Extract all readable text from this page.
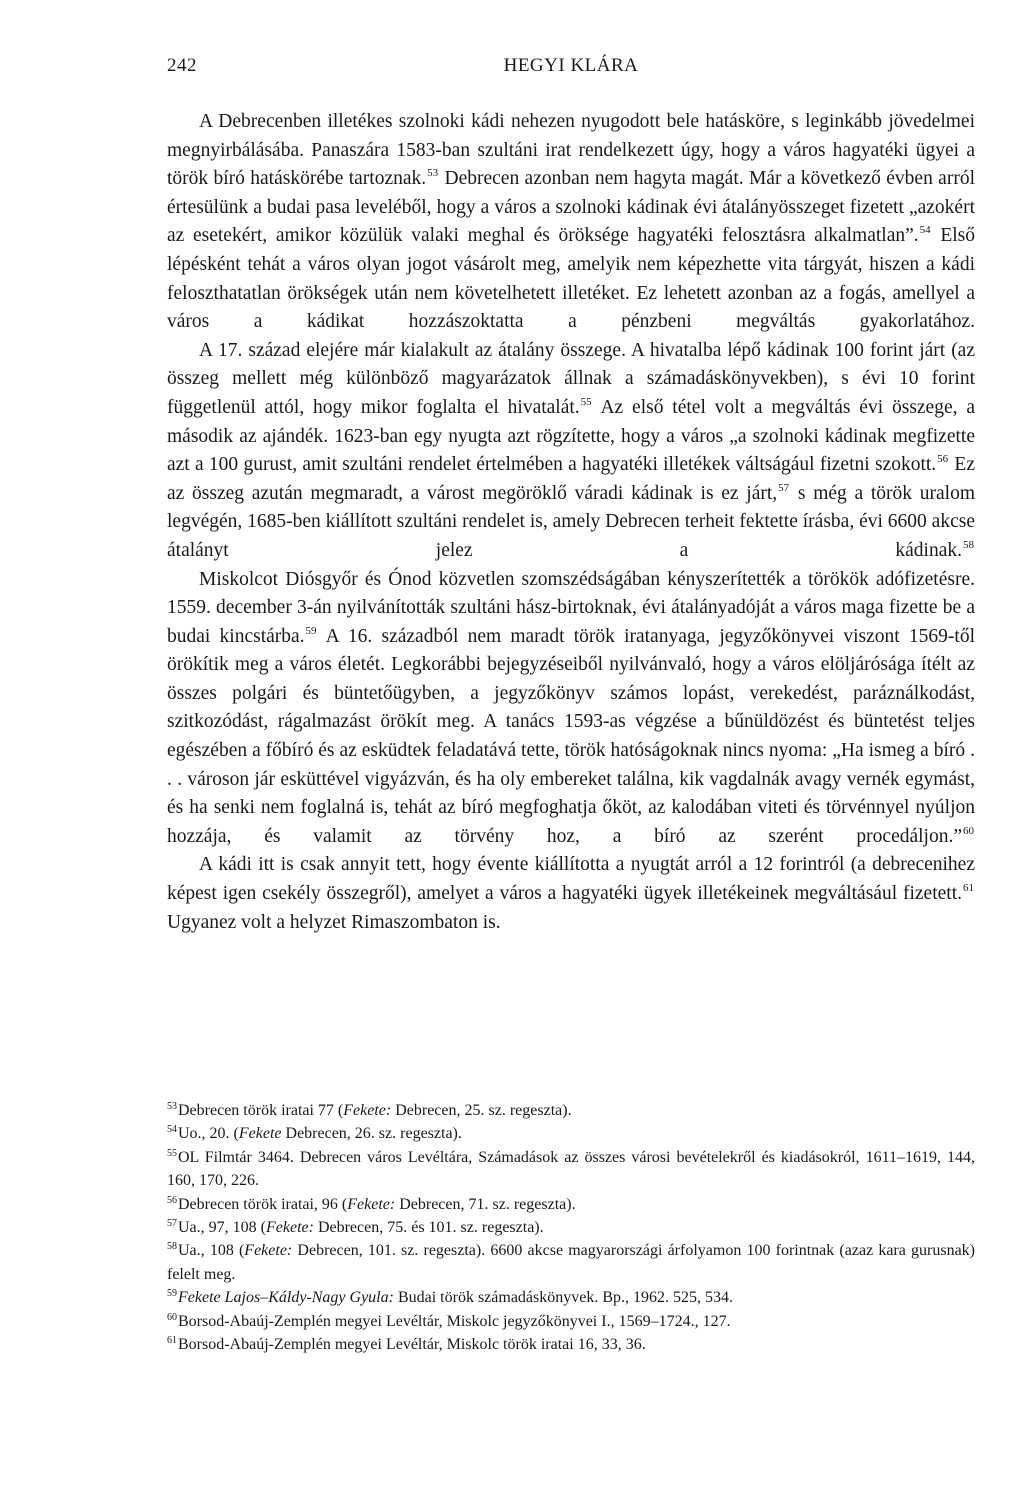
242	HEGYI KLÁRA

A Debrecenben illetékes szolnoki kádi nehezen nyugodott bele hatásköre, s leginkább jövedelmei megnyirbálásába. Panaszára 1583-ban szultáni irat rendelkezett úgy, hogy a város hagyatéki ügyei a török bíró hatáskörébe tartoznak.$^{53}$ Debrecen azonban nem hagyta magát. Már a következő évben arról értesülünk a budai pasa leveléből, hogy a város a szolnoki kádinak évi átalányösszeget fizetett „azokért az esetekért, amikor közülük valaki meghal és öröksége hagyatéki felosztásra alkalmatlan”.$^{54}$ Első lépésként tehát a város olyan jogot vásárolt meg, amelyik nem képezhette vita tárgyát, hiszen a kádi feloszthatatlan örökségek után nem követelhetett illetéket. Ez lehetett azonban az a fogás, amellyel a város a kádikat hozzászoktatta a pénzbeni megváltás gyakorlatához.

A 17. század elejére már kialakult az átalány összege. A hivatalba lépő kádinak 100 forint járt (az összeg mellett még különböző magyarázatok állnak a számadáskönyvekben), s évi 10 forint függetlenül attól, hogy mikor foglalta el hivatalát.$^{55}$ Az első tétel volt a megváltás évi összege, a második az ajándék. 1623-ban egy nyugta azt rögzítette, hogy a város „a szolnoki kádinak megfizette azt a 100 gurust, amit szultáni rendelet értelmében a hagyatéki illetékek váltságául fizetni szokott.$^{56}$ Ez az összeg azután megmaradt, a várost megöröklő váradi kádinak is ez járt,$^{57}$ s még a török uralom legvégén, 1685-ben kiállított szultáni rendelet is, amely Debrecen terheit fektette írásba, évi 6600 akcse átalányt jelez a kádinak.$^{58}$

Miskolcot Diósgyőr és Ónod közvetlen szomszédságában kényszerítették a törökök adófizetésre. 1559. december 3-án nyilvánították szultáni hász-birtoknak, évi átalányadóját a város maga fizette be a budai kincstárba.$^{59}$ A 16. századból nem maradt török iratanyaga, jegyzőkönyvei viszont 1569-től örökítik meg a város életét. Legkorábbi bejegyzéseiből nyilvánvaló, hogy a város elöljárósága ítélt az összes polgári és büntetőügyben, a jegyzőkönyv számos lopást, verekedést, paráználkodást, szitkozódást, rágalmazást örökít meg. A tanács 1593-as végzése a bűnüldözést és büntetést teljes egészében a főbíró és az esküdtek feladatává tette, török hatóságoknak nincs nyoma: „Ha ismeg a bíró . . . városon jár esküttével vigyázván, és ha oly embereket találna, kik vagdalnák avagy vernék egymást, és ha senki nem foglalná is, tehát az bíró megfoghatja őköt, az kalodában viteti és törvénnyel nyúljon hozzája, és valamit az törvény hoz, a bíró az szerént procedáljon.”$^{60}$

A kádi itt is csak annyit tett, hogy évente kiállította a nyugtát arról a 12 forintról (a debrecenihez képest igen csekély összegről), amelyet a város a hagyatéki ügyek illetékeinek megváltásául fizetett.$^{61}$ Ugyanez volt a helyzet Rimaszombaton is.

$^{53}$Debrecen török iratai 77 (Fekete: Debrecen, 25. sz. regeszta).

$^{54}$Uo., 20. (Fekete Debrecen, 26. sz. regeszta).

$^{55}$OL Filmtár 3464. Debrecen város Levéltára, Számadások az összes városi bevételekről és kiadásokról, 1611–1619, 144, 160, 170, 226.

$^{56}$Debrecen török iratai, 96 (Fekete: Debrecen, 71. sz. regeszta).

$^{57}$Ua., 97, 108 (Fekete: Debrecen, 75. és 101. sz. regeszta).

$^{58}$Ua., 108 (Fekete: Debrecen, 101. sz. regeszta). 6600 akcse magyarországi árfolyamon 100 forintnak (azaz kara gurusnak) felelt meg.

$^{59}$Fekete Lajos–Káldy-Nagy Gyula: Budai török számadáskönyvek. Bp., 1962. 525, 534.

$^{60}$Borsod-Abaúj-Zemplén megyei Levéltár, Miskolc jegyzőkönyvei I., 1569–1724., 127.

$^{61}$Borsod-Abaúj-Zemplén megyei Levéltár, Miskolc török iratai 16, 33, 36.
